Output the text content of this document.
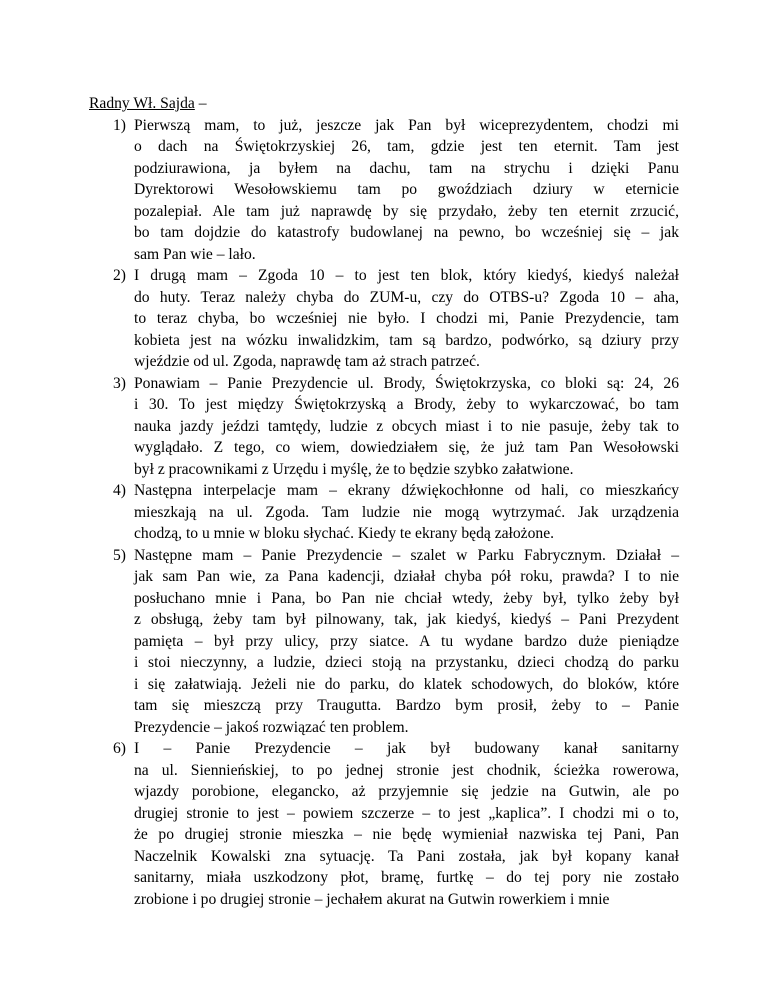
Radny Wł. Sajda –
1) Pierwszą mam, to już, jeszcze jak Pan był wiceprezydentem, chodzi mi
o dach na Świętokrzyskiej 26, tam, gdzie jest ten eternit. Tam jest
podziurawiona, ja byłem na dachu, tam na strychu i dzięki Panu
Dyrektorowi Wesołowskiemu tam po gwoździach dziury w eternicie
pozalepiał. Ale tam już naprawdę by się przydało, żeby ten eternit zrzucić,
bo tam dojdzie do katastrofy budowlanej na pewno, bo wcześniej się – jak
sam Pan wie – lało.
2) I drugą mam – Zgoda 10 – to jest ten blok, który kiedyś, kiedyś należał
do huty. Teraz należy chyba do ZUM-u, czy do OTBS-u? Zgoda 10 – aha,
to teraz chyba, bo wcześniej nie było. I chodzi mi, Panie Prezydencie, tam
kobieta jest na wózku inwalidzkim, tam są bardzo, podwórko, są dziury przy
wjeździe od ul. Zgoda, naprawdę tam aż strach patrzeć.
3) Ponawiam – Panie Prezydencie ul. Brody, Świętokrzyska, co bloki są: 24, 26
i 30. To jest między Świętokrzyską a Brody, żeby to wykarczować, bo tam
nauka jazdy jeździ tamtędy, ludzie z obcych miast i to nie pasuje, żeby tak to
wyglądało. Z tego, co wiem, dowiedziałem się, że już tam Pan Wesołowski
był z pracownikami z Urzędu i myślę, że to będzie szybko załatwione.
4) Następna interpelacje mam – ekrany dźwiękochłonne od hali, co mieszkańcy
mieszkają na ul. Zgoda. Tam ludzie nie mogą wytrzymać. Jak urządzenia
chodzą, to u mnie w bloku słychać. Kiedy te ekrany będą założone.
5) Następne mam – Panie Prezydencie – szalet w Parku Fabrycznym. Działał –
jak sam Pan wie, za Pana kadencji, działał chyba pół roku, prawda? I to nie
posłuchano mnie i Pana, bo Pan nie chciał wtedy, żeby był, tylko żeby był
z obsługą, żeby tam był pilnowany, tak, jak kiedyś, kiedyś – Pani Prezydent
pamięta – był przy ulicy, przy siatce. A tu wydane bardzo duże pieniądze
i stoi nieczynny, a ludzie, dzieci stoją na przystanku, dzieci chodzą do parku
i się załatwiają. Jeżeli nie do parku, do klatek schodowych, do bloków, które
tam się mieszczą przy Traugutta. Bardzo bym prosił, żeby to – Panie
Prezydencie – jakoś rozwiązać ten problem.
6) I – Panie Prezydencie – jak był budowany kanał sanitarny
na ul. Siennieńskiej, to po jednej stronie jest chodnik, ścieżka rowerowa,
wjazdy porobione, elegancko, aż przyjemnie się jedzie na Gutwin, ale po
drugiej stronie to jest – powiem szczerze – to jest „kaplica”. I chodzi mi o to,
że po drugiej stronie mieszka – nie będę wymieniał nazwiska tej Pani, Pan
Naczelnik Kowalski zna sytuację. Ta Pani została, jak był kopany kanał
sanitarny, miała uszkodzony płot, bramę, furtkę – do tej pory nie zostało
zrobione i po drugiej stronie – jechałem akurat na Gutwin rowerkiem i mnie
